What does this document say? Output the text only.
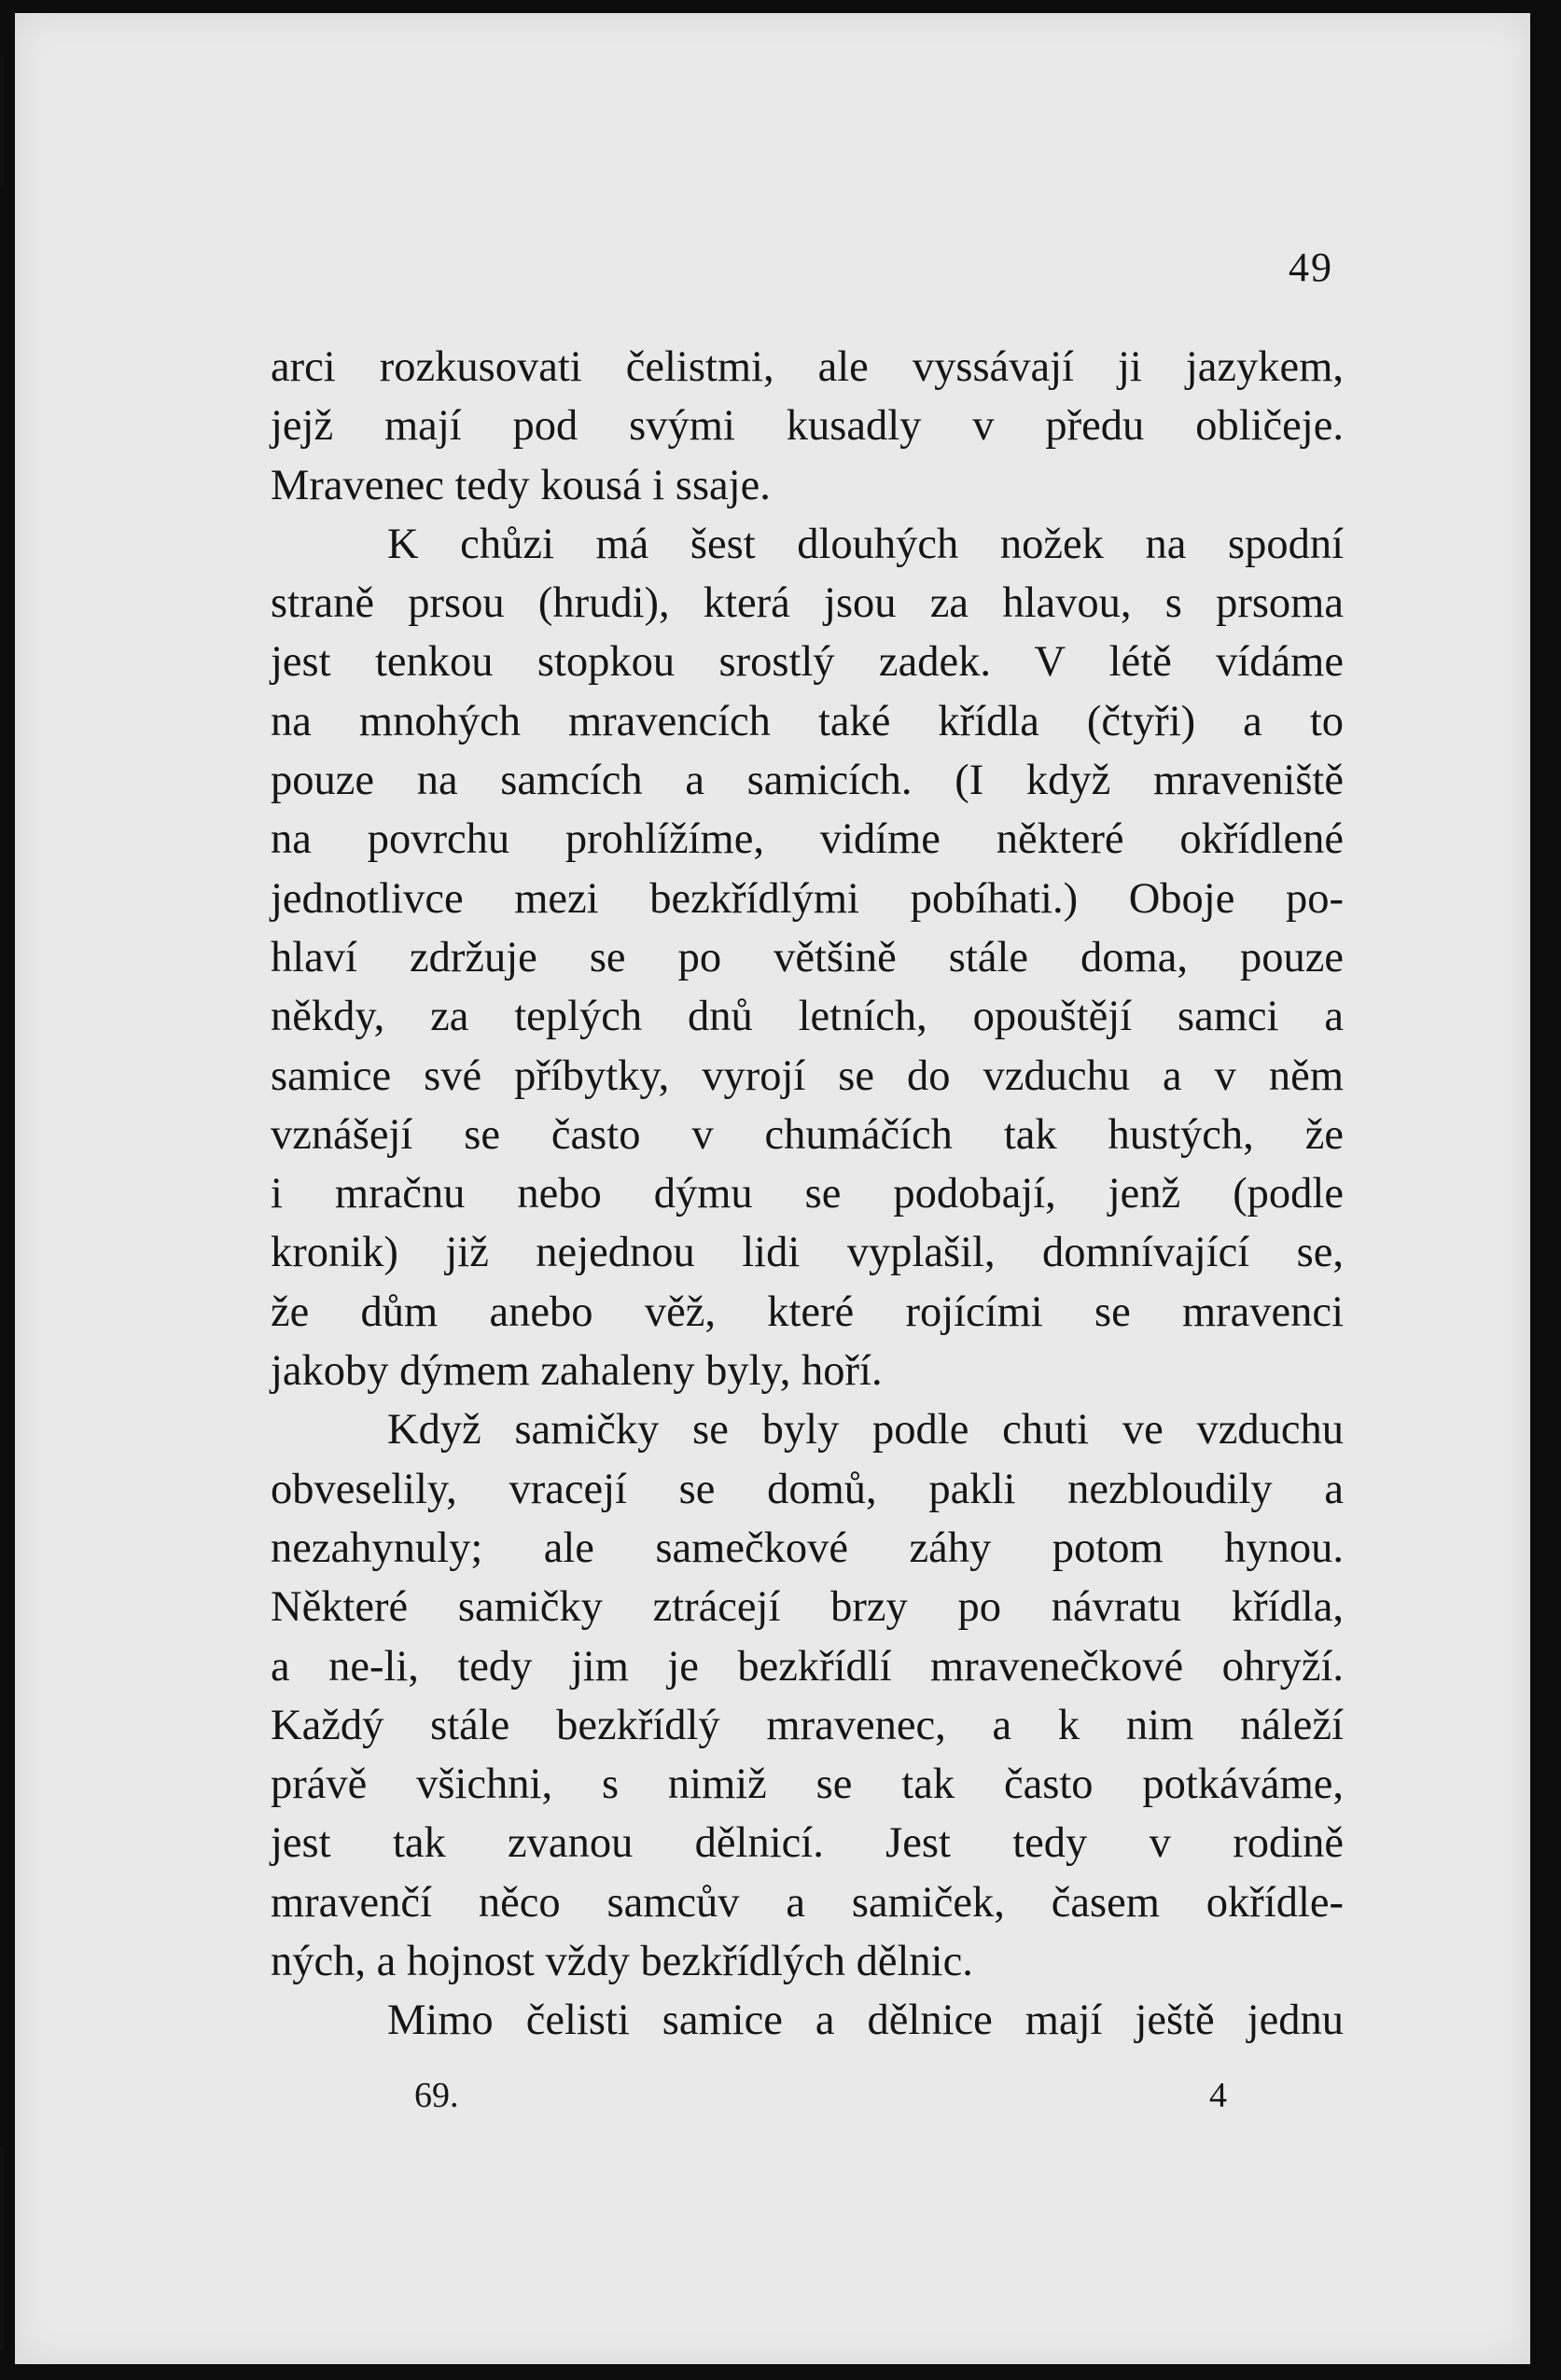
49
arci rozkusovati čelistmi, ale vyssávají ji jazykem,
jejž mají pod svými kusadly v předu obličeje.
Mravenec tedy kousá i ssaje.
K chůzi má šest dlouhých nožek na spodní
straně prsou (hrudi), která jsou za hlavou, s prsoma
jest tenkou stopkou srostlý zadek. V létě vídáme
na mnohých mravencích také křídla (čtyři) a to
pouze na samcích a samicích. (I když mraveniště
na povrchu prohlížíme, vidíme některé okřídlené
jednotlivce mezi bezkřídlými pobíhati.) Oboje po-
hlaví zdržuje se po většině stále doma, pouze
někdy, za teplých dnů letních, opouštějí samci a
samice své příbytky, vyrojí se do vzduchu a v něm
vznášejí se často v chumáčích tak hustých, že
i mračnu nebo dýmu se podobají, jenž (podle
kronik) již nejednou lidi vyplašil, domnívající se,
že dům anebo věž, které rojícími se mravenci
jakoby dýmem zahaleny byly, hoří.
Když samičky se byly podle chuti ve vzduchu
obveselily, vracejí se domů, pakli nezbloudily a
nezahynuly; ale samečkové záhy potom hynou.
Některé samičky ztrácejí brzy po návratu křídla,
a ne-li, tedy jim je bezkřídlí mravenečkové ohryží.
Každý stále bezkřídlý mravenec, a k nim náleží
právě všichni, s nimiž se tak často potkáváme,
jest tak zvanou dělnicí. Jest tedy v rodině
mravenčí něco samcův a samiček, časem okřídle-
ných, a hojnost vždy bezkřídlých dělnic.
Mimo čelisti samice a dělnice mají ještě jednu
69.	4
